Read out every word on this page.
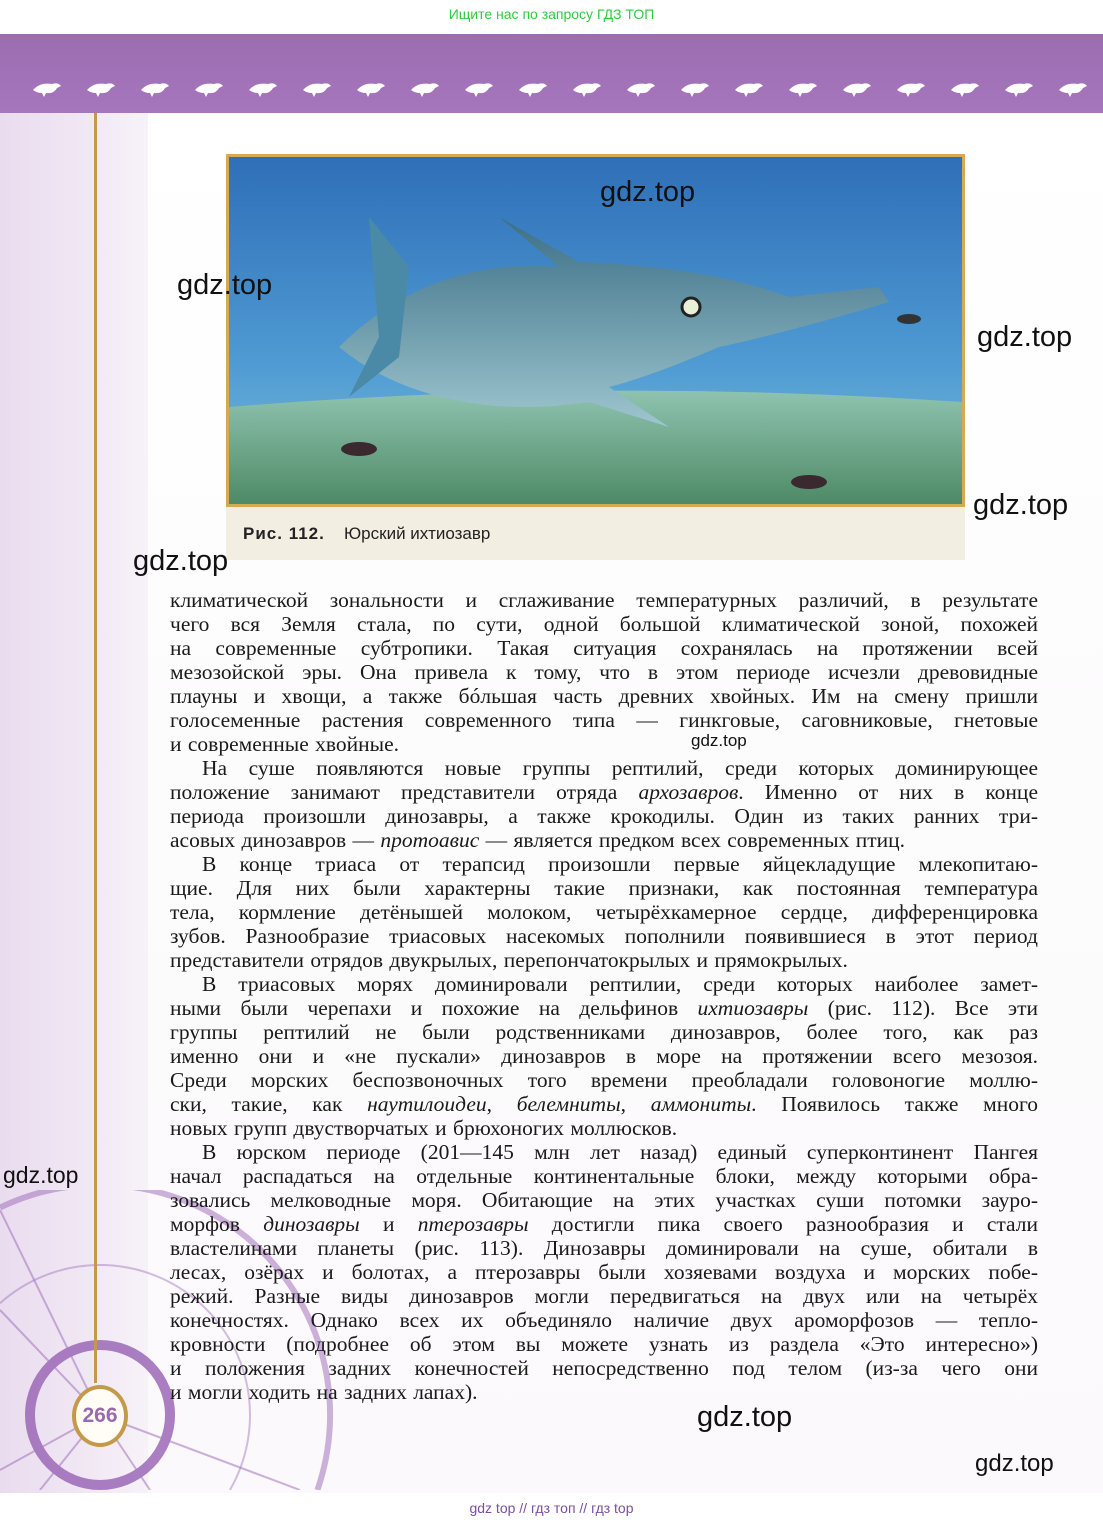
Ищите нас по запросу ГДЗ ТОП
Рис. 112. Юрский ихтиозавр
климатической зональности и сглаживание температурных различий, в результате
чего вся Земля стала, по сути, одной большой климатической зоной, похожей
на современные субтропики. Такая ситуация сохранялась на протяжении всей
мезозойской эры. Она привела к тому, что в этом периоде исчезли древовидные
плауны и хвощи, а также бóльшая часть древних хвойных. Им на смену пришли
голосеменные растения современного типа — гинкговые, саговниковые, гнетовые
и современные хвойные.
На суше появляются новые группы рептилий, среди которых доминирующее
положение занимают представители отряда архозавров. Именно от них в конце
периода произошли динозавры, а также крокодилы. Один из таких ранних три-
асовых динозавров — протоавис — является предком всех современных птиц.
В конце триаса от терапсид произошли первые яйцекладущие млекопитаю-
щие. Для них были характерны такие признаки, как постоянная температура
тела, кормление детёнышей молоком, четырёхкамерное сердце, дифференцировка
зубов. Разнообразие триасовых насекомых пополнили появившиеся в этот период
представители отрядов двукрылых, перепончатокрылых и прямокрылых.
В триасовых морях доминировали рептилии, среди которых наиболее замет-
ными были черепахи и похожие на дельфинов ихтиозавры (рис. 112). Все эти
группы рептилий не были родственниками динозавров, более того, как раз
именно они и «не пускали» динозавров в море на протяжении всего мезозоя.
Среди морских беспозвоночных того времени преобладали головоногие моллю-
ски, такие, как наутилоидеи, белемниты, аммониты. Появилось также много
новых групп двустворчатых и брюхоногих моллюсков.
В юрском периоде (201—145 млн лет назад) единый суперконтинент Пангея
начал распадаться на отдельные континентальные блоки, между которыми обра-
зовались мелководные моря. Обитающие на этих участках суши потомки зауро-
морфов динозавры и птерозавры достигли пика своего разнообразия и стали
властелинами планеты (рис. 113). Динозавры доминировали на суше, обитали в
лесах, озёрах и болотах, а птерозавры были хозяевами воздуха и морских побе-
режий. Разные виды динозавров могли передвигаться на двух или на четырёх
конечностях. Однако всех их объединяло наличие двух ароморфозов — тепло-
кровности (подробнее об этом вы можете узнать из раздела «Это интересно»)
и положения задних конечностей непосредственно под телом (из-за чего они
и могли ходить на задних лапах).
gdz.top
gdz.top
gdz.top
gdz.top
gdz.top
gdz.top
gdz.top
gdz.top
gdz.top
266
gdz top // гдз топ // гдз top
